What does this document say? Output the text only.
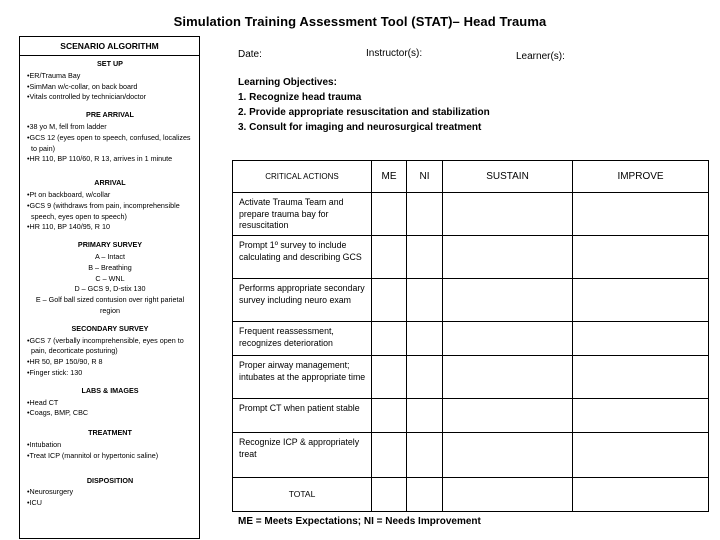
Simulation Training Assessment Tool (STAT)– Head Trauma
SCENARIO ALGORITHM
SET UP
•ER/Trauma Bay
•SimMan w/c-collar, on back board
•Vitals controlled by technician/doctor
PRE ARRIVAL
•38 yo M, fell from ladder
•GCS 12 (eyes open to speech, confused, localizes to pain)
•HR 110, BP 110/60, R 13, arrives in 1 minute
ARRIVAL
•Pt on backboard, w/collar
•GCS 9 (withdraws from pain, incomprehensible speech, eyes open to speech)
•HR 110, BP 140/95, R 10
PRIMARY SURVEY
A – Intact
B – Breathing
C – WNL
D – GCS 9, D-stix 130
E – Golf ball sized contusion over right parietal region
SECONDARY SURVEY
•GCS 7 (verbally incomprehensible, eyes open to pain, decorticate posturing)
•HR 50, BP 150/90, R 8
•Finger stick: 130
LABS & IMAGES
•Head CT
•Coags, BMP, CBC
TREATMENT
•Intubation
•Treat ICP (mannitol or hypertonic saline)
DISPOSITION
•Neurosurgery
•ICU
Date:	Instructor(s):	Learner(s):
Learning Objectives:
1. Recognize head trauma
2. Provide appropriate resuscitation and stabilization
3. Consult for imaging and neurosurgical treatment
CRITICAL ACTIONS	ME	NI	SUSTAIN	IMPROVE
Activate Trauma Team and prepare trauma bay for resuscitation				
Prompt 1º survey to include calculating and describing GCS				
Performs appropriate secondary survey including neuro exam				
Frequent reassessment, recognizes deterioration				
Proper airway management; intubates at the appropriate time				
Prompt CT when patient stable				
Recognize ICP & appropriately treat				
TOTAL				
ME = Meets Expectations; NI = Needs Improvement
